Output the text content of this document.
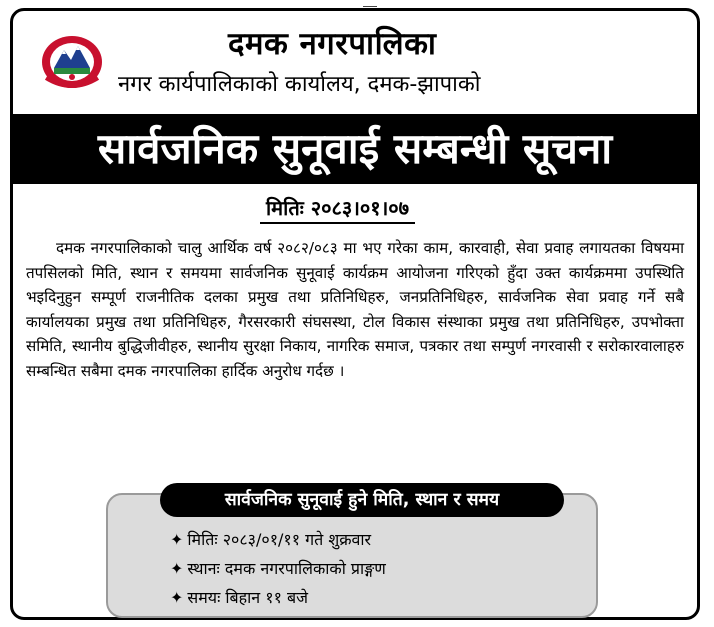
दमक नगरपालिका
नगर कार्यपालिकाको कार्यालय, दमक-झापाको
सार्वजनिक सुनूवाई सम्बन्धी सूचना
मितिः २०८३।०१।०७
दमक नगरपालिकाको चालु आर्थिक वर्ष २०८२/०८३ मा भए गरेका काम, कारवाही, सेवा प्रवाह लगायतका विषयमा तपसिलको मिति, स्थान र समयमा सार्वजनिक सुनूवाई कार्यक्रम आयोजना गरिएको हुँदा उक्त कार्यक्रममा उपस्थिति भइदिनुहुन सम्पूर्ण राजनीतिक दलका प्रमुख तथा प्रतिनिधिहरु, जनप्रतिनिधिहरु, सार्वजनिक सेवा प्रवाह गर्ने सबै कार्यालयका प्रमुख तथा प्रतिनिधिहरु, गैरसरकारी संघसस्था, टोल विकास संस्थाका प्रमुख तथा प्रतिनिधिहरु, उपभोक्ता समिति, स्थानीय बुद्धिजीवीहरु, स्थानीय सुरक्षा निकाय, नागरिक समाज, पत्रकार तथा सम्पुर्ण नगरवासी र सरोकारवालाहरु सम्बन्धित सबैमा दमक नगरपालिका हार्दिक अनुरोध गर्दछ ।
सार्वजनिक सुनूवाई हुने मिति, स्थान र समय
✦ मितिः २०८३/०१/११ गते शुक्रवार
✦ स्थानः दमक नगरपालिकाको प्राङ्गण
✦ समयः बिहान ११ बजे
